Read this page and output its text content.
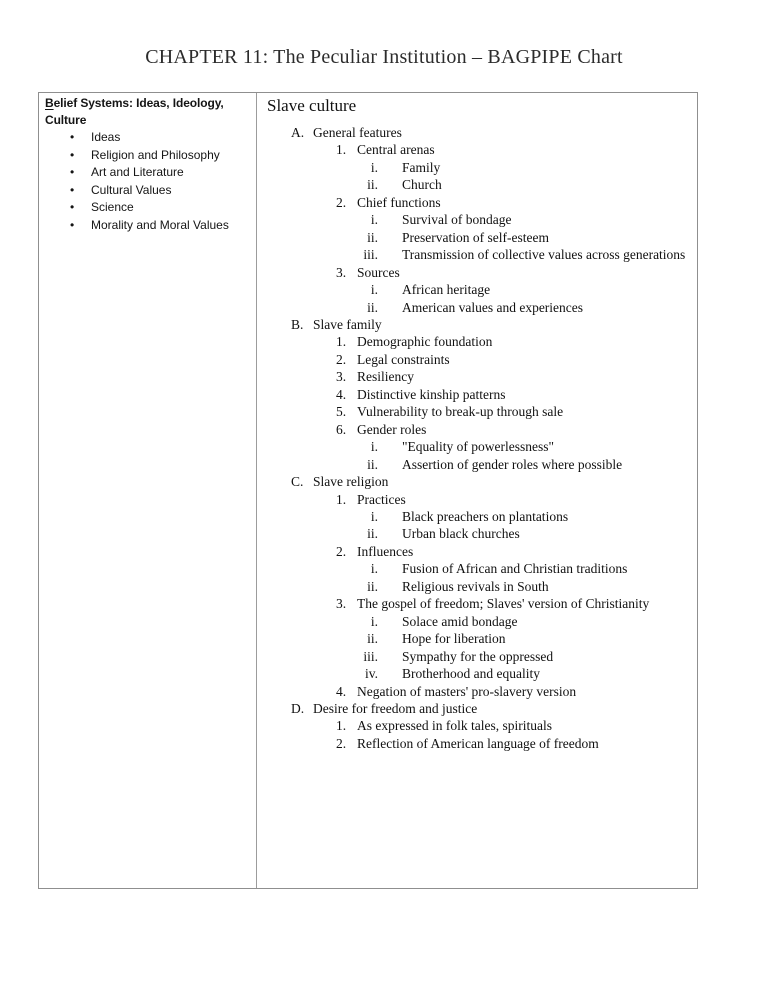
CHAPTER 11: The Peculiar Institution – BAGPIPE Chart
Belief Systems: Ideas, Ideology, Culture
•	Ideas
•	Religion and Philosophy
•	Art and Literature
•	Cultural Values
•	Science
•	Morality and Moral Values
Slave culture
A. General features
1. Central arenas
i. Family
ii. Church
2. Chief functions
i. Survival of bondage
ii. Preservation of self-esteem
iii. Transmission of collective values across generations
3. Sources
i. African heritage
ii. American values and experiences
B. Slave family
1. Demographic foundation
2. Legal constraints
3. Resiliency
4. Distinctive kinship patterns
5. Vulnerability to break-up through sale
6. Gender roles
i. "Equality of powerlessness"
ii. Assertion of gender roles where possible
C. Slave religion
1. Practices
i. Black preachers on plantations
ii. Urban black churches
2. Influences
i. Fusion of African and Christian traditions
ii. Religious revivals in South
3. The gospel of freedom; Slaves' version of Christianity
i. Solace amid bondage
ii. Hope for liberation
iii. Sympathy for the oppressed
iv. Brotherhood and equality
4. Negation of masters' pro-slavery version
D. Desire for freedom and justice
1. As expressed in folk tales, spirituals
2. Reflection of American language of freedom
